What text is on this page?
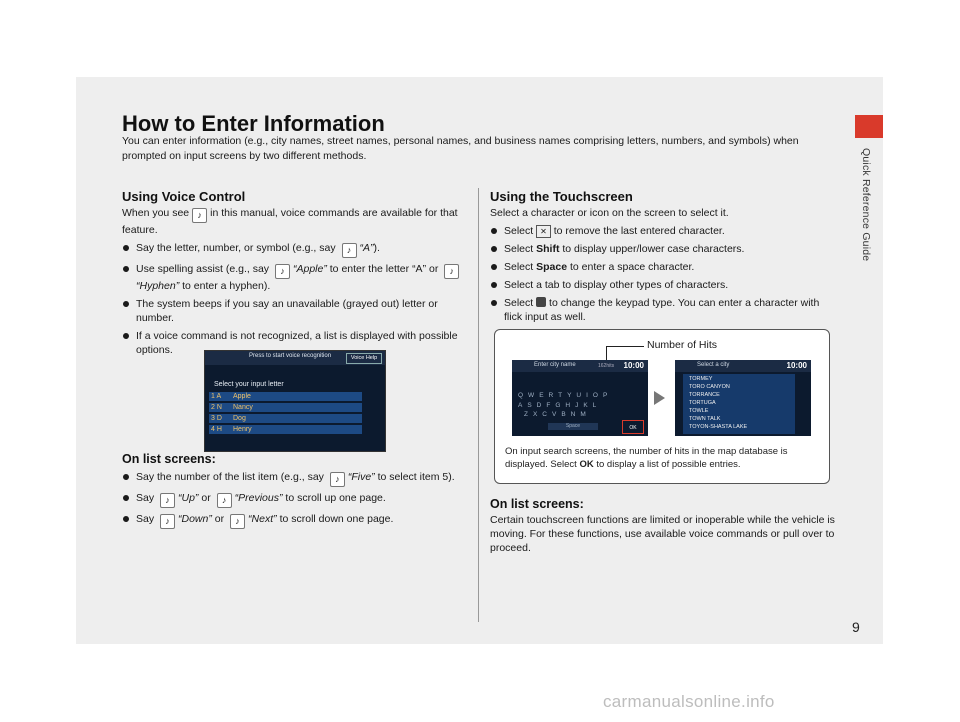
Quick Reference Guide
9
carmanualsonline.info
How to Enter Information

You can enter information (e.g., city names, street names, personal names, and business names comprising letters, numbers, and symbols) when prompted on input screens by two different methods.

Using Voice Control

When you see ♪ in this manual, voice commands are available for that feature.

Say the letter, number, or symbol (e.g., say ♪ “A”).
Use spelling assist (e.g., say ♪ “Apple” to enter the letter “A” or ♪“Hyphen” to enter a hyphen).
The system beeps if you say an unavailable (grayed out) letter or number.
If a voice command is not recognized, a list is displayed with possible options.	Press to start voice recognition	Voice Help
Select your input letter
1 A Apple
2 N Nancy
3 D Dog
4 H Henry
On list screens:
Say the number of the list item (e.g., say ♪ “Five” to select item 5).
Say ♪ “Up” or ♪ “Previous” to scroll up one page.
Say ♪ “Down” or ♪ “Next” to scroll down one page.
Using the Touchscreen

Select a character or icon on the screen to select it.

Select ✕ to remove the last entered character.
Select Shift to display upper/lower case characters.
Select Space to enter a space character.
Select a tab to display other types of characters.
Select to change the keypad type. You can enter a character with flick input as well.
Number of Hits
Enter city name	162hits 10:00
QWERTYUIOP
ASDFGHJKL
ZXCVBNM
Space	OK
Select a city	10:00
TORMEY
TORO CANYON
TORRANCE
TORTUGA
TOWLE
TOWN TALK
TOYON-SHASTA LAKE
On input search screens, the number of hits in the map database is displayed. Select OK to display a list of possible entries.
On list screens:

Certain touchscreen functions are limited or inoperable while the vehicle is moving. For these functions, use available voice commands or pull over to proceed.
